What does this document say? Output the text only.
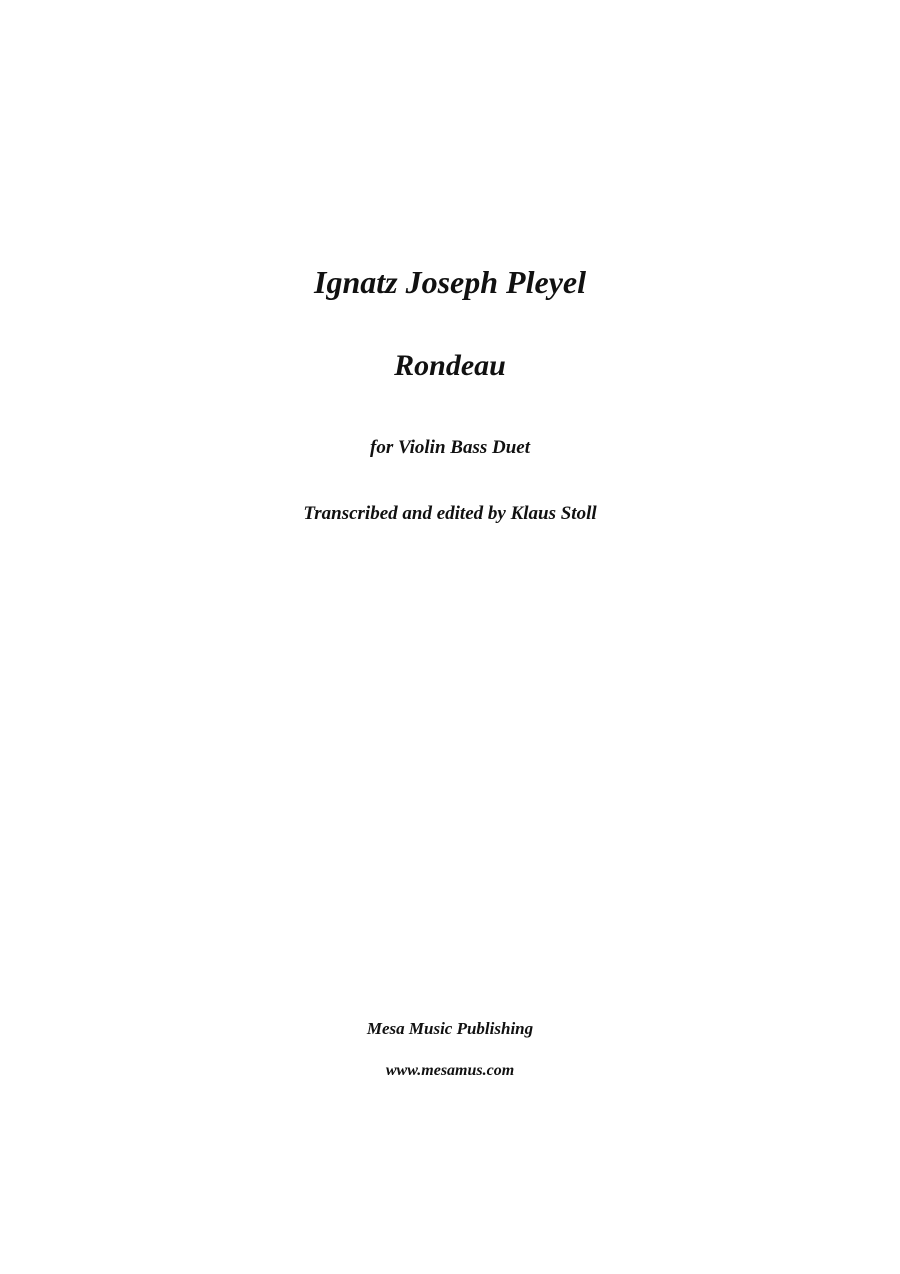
Ignatz Joseph Pleyel
Rondeau
for Violin Bass Duet
Transcribed and edited by Klaus Stoll
Mesa Music Publishing
www.mesamus.com
